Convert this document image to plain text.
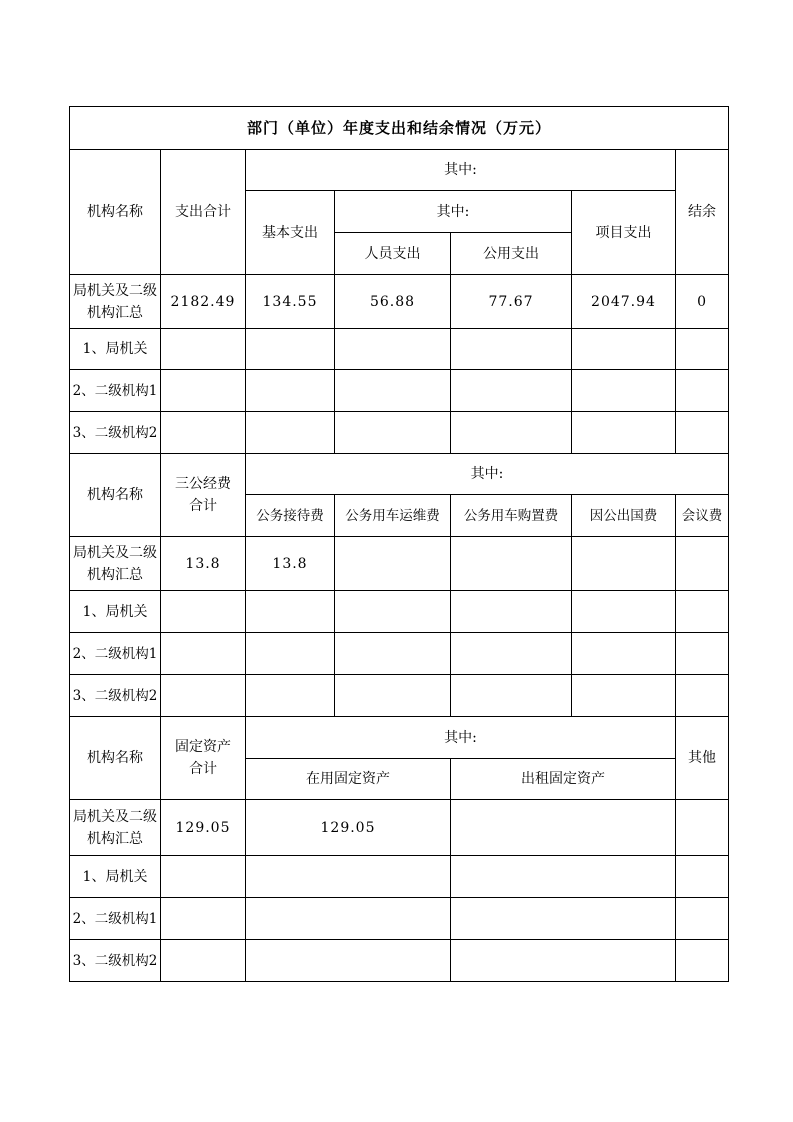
部门（单位）年度支出和结余情况（万元）						
机构名称	支出合计	其中:				结余
		基本支出	其中:		项目支出	
			人员支出	公用支出		
局机关及二级机构汇总	2182.49	134.55	56.88	77.67	2047.94	0
1、局机关						
2、二级机构1						
3、二级机构2						
机构名称	三公经费合计	其中:				
		公务接待费	公务用车运维费	公务用车购置费	因公出国费	会议费
局机关及二级机构汇总	13.8	13.8				
1、局机关						
2、二级机构1						
3、二级机构2						
机构名称	固定资产合计	其中:				其他
		在用固定资产		出租固定资产		
局机关及二级机构汇总	129.05	129.05				
1、局机关						
2、二级机构1						
3、二级机构2						
